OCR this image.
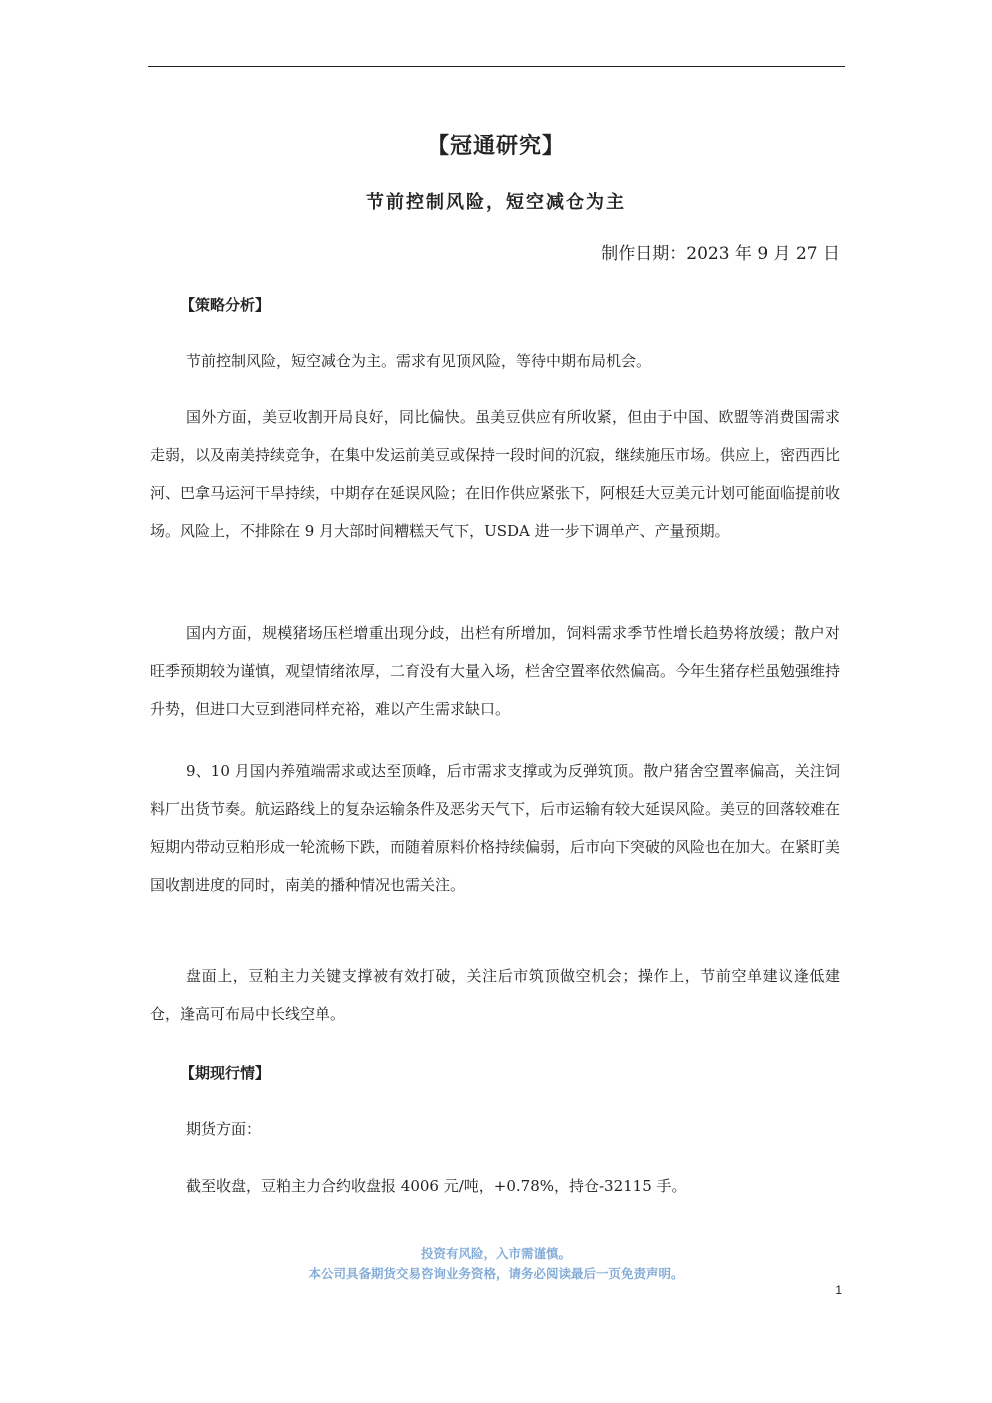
【冠通研究】
节前控制风险，短空减仓为主
制作日期：2023 年 9 月 27 日
【策略分析】

节前控制风险，短空减仓为主。需求有见顶风险，等待中期布局机会。

国外方面，美豆收割开局良好，同比偏快。虽美豆供应有所收紧，但由于中国、欧盟等消费国需求走弱，以及南美持续竞争，在集中发运前美豆或保持一段时间的沉寂，继续施压市场。供应上，密西西比河、巴拿马运河干旱持续，中期存在延误风险；在旧作供应紧张下，阿根廷大豆美元计划可能面临提前收场。风险上，不排除在 9 月大部时间糟糕天气下，USDA 进一步下调单产、产量预期。

国内方面，规模猪场压栏增重出现分歧，出栏有所增加，饲料需求季节性增长趋势将放缓；散户对旺季预期较为谨慎，观望情绪浓厚，二育没有大量入场，栏舍空置率依然偏高。今年生猪存栏虽勉强维持升势，但进口大豆到港同样充裕，难以产生需求缺口。

9、10 月国内养殖端需求或达至顶峰，后市需求支撑或为反弹筑顶。散户猪舍空置率偏高，关注饲料厂出货节奏。航运路线上的复杂运输条件及恶劣天气下，后市运输有较大延误风险。美豆的回落较难在短期内带动豆粕形成一轮流畅下跌，而随着原料价格持续偏弱，后市向下突破的风险也在加大。在紧盯美国收割进度的同时，南美的播种情况也需关注。

盘面上，豆粕主力关键支撑被有效打破，关注后市筑顶做空机会；操作上，节前空单建议逢低建仓，逢高可布局中长线空单。

【期现行情】

期货方面：

截至收盘，豆粕主力合约收盘报 4006 元/吨，+0.78%，持仓-32115 手。

投资有风险，入市需谨慎。
本公司具备期货交易咨询业务资格，请务必阅读最后一页免责声明。
1
